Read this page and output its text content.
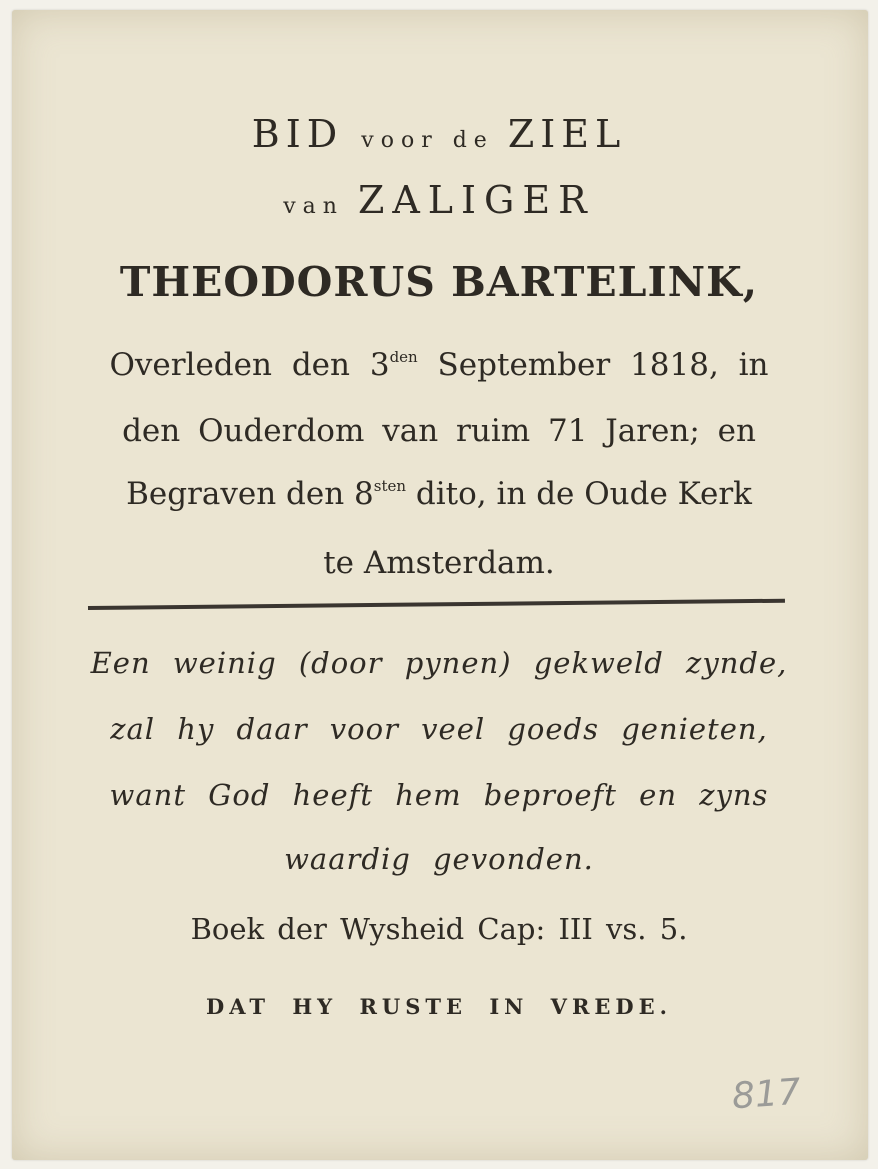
BID voor de ZIEL
van ZALIGER
THEODORUS BARTELINK,
Overleden den $3^{den}$ September 1818, in
den Ouderdom van ruim 71 Jaren; en
Begraven den $8^{sten}$ dito, in de Oude Kerk
te Amsterdam.
Een weinig (door pynen) gekweld zynde,
zal hy daar voor veel goeds genieten,
want God heeft hem beproeft en zyns
waardig gevonden.
Boek der Wysheid Cap: III vs. 5.
DAT HY RUSTE IN VREDE.
817
